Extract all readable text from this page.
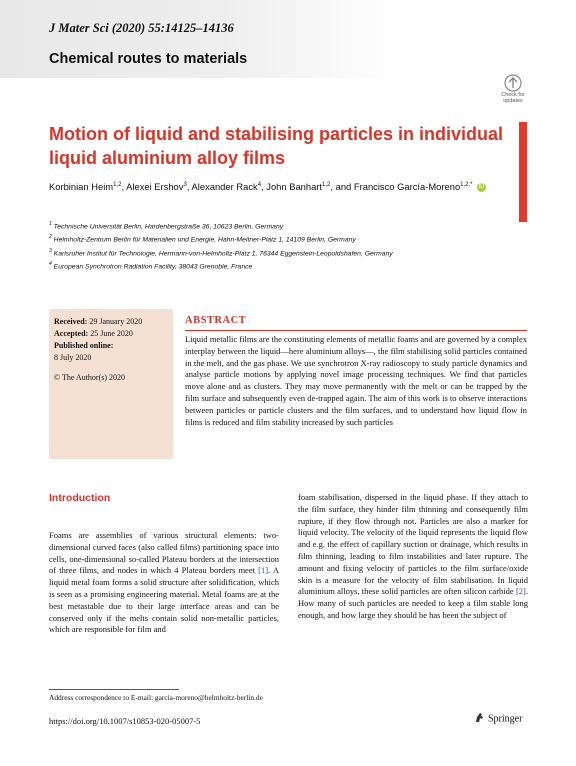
J Mater Sci (2020) 55:14125–14136
Chemical routes to materials
Check for
updates
Motion of liquid and stabilising particles in individual liquid aluminium alloy films
Korbinian Heim$^{1,2}$, Alexei Ershov$^3$, Alexander Rack$^4$, John Banhart$^{1,2}$, and Francisco García-Moreno$^{1,2,*}$ iD
$^1$ Technische Universität Berlin, Hardenbergstraße 36, 10623 Berlin, Germany
$^2$ Helmholtz-Zentrum Berlin für Materialien und Energie, Hahn-Meitner-Platz 1, 14109 Berlin, Germany
$^3$ Karlsruher Institut für Technologie, Hermann-von-Helmholtz-Platz 1, 76344 Eggenstein-Leopoldshafen, Germany
$^4$ European Synchrotron Radiation Facility, 38043 Grenoble, France
Received: 29 January 2020
Accepted: 25 June 2020
Published online:
8 July 2020
© The Author(s) 2020
ABSTRACT

Liquid metallic films are the constituting elements of metallic foams and are governed by a complex interplay between the liquid—here aluminium alloys—, the film stabilising solid particles contained in the melt, and the gas phase. We use synchrotron X-ray radioscopy to study particle dynamics and analyse particle motions by applying novel image processing techniques. We find that particles move alone and as clusters. They may move permanently with the melt or can be trapped by the film surface and subsequently even de-trapped again. The aim of this work is to observe interactions between particles or particle clusters and the film surfaces, and to understand how liquid flow in films is reduced and film stability increased by such particles

Introduction

Foams are assemblies of various structural elements: two-dimensional curved faces (also called films) partitioning space into cells, one-dimensional so-called Plateau borders at the intersection of three films, and nodes in which 4 Plateau borders meet [1]. A liquid metal foam forms a solid structure after solidification, which is seen as a promising engineering material. Metal foams are at the best metastable due to their large interface areas and can be conserved only if the melts contain solid non-metallic particles, which are responsible for film and

foam stabilisation, dispersed in the liquid phase. If they attach to the film surface, they hinder film thinning and consequently film rupture, if they flow through not. Particles are also a marker for liquid velocity. The velocity of the liquid represents the liquid flow and e.g. the effect of capillary suction or drainage, which results in film thinning, leading to film instabilities and later rupture. The amount and fixing velocity of particles to the film surface/oxide skin is a measure for the velocity of film stabilisation. In liquid aluminium alloys, these solid particles are often silicon carbide [2]. How many of such particles are needed to keep a film stable long enough, and how large they should be has been the subject of

Address correspondence to E-mail: garcia-moreno@helmholtz-berlin.de
https://doi.org/10.1007/s10853-020-05007-5	Springer
